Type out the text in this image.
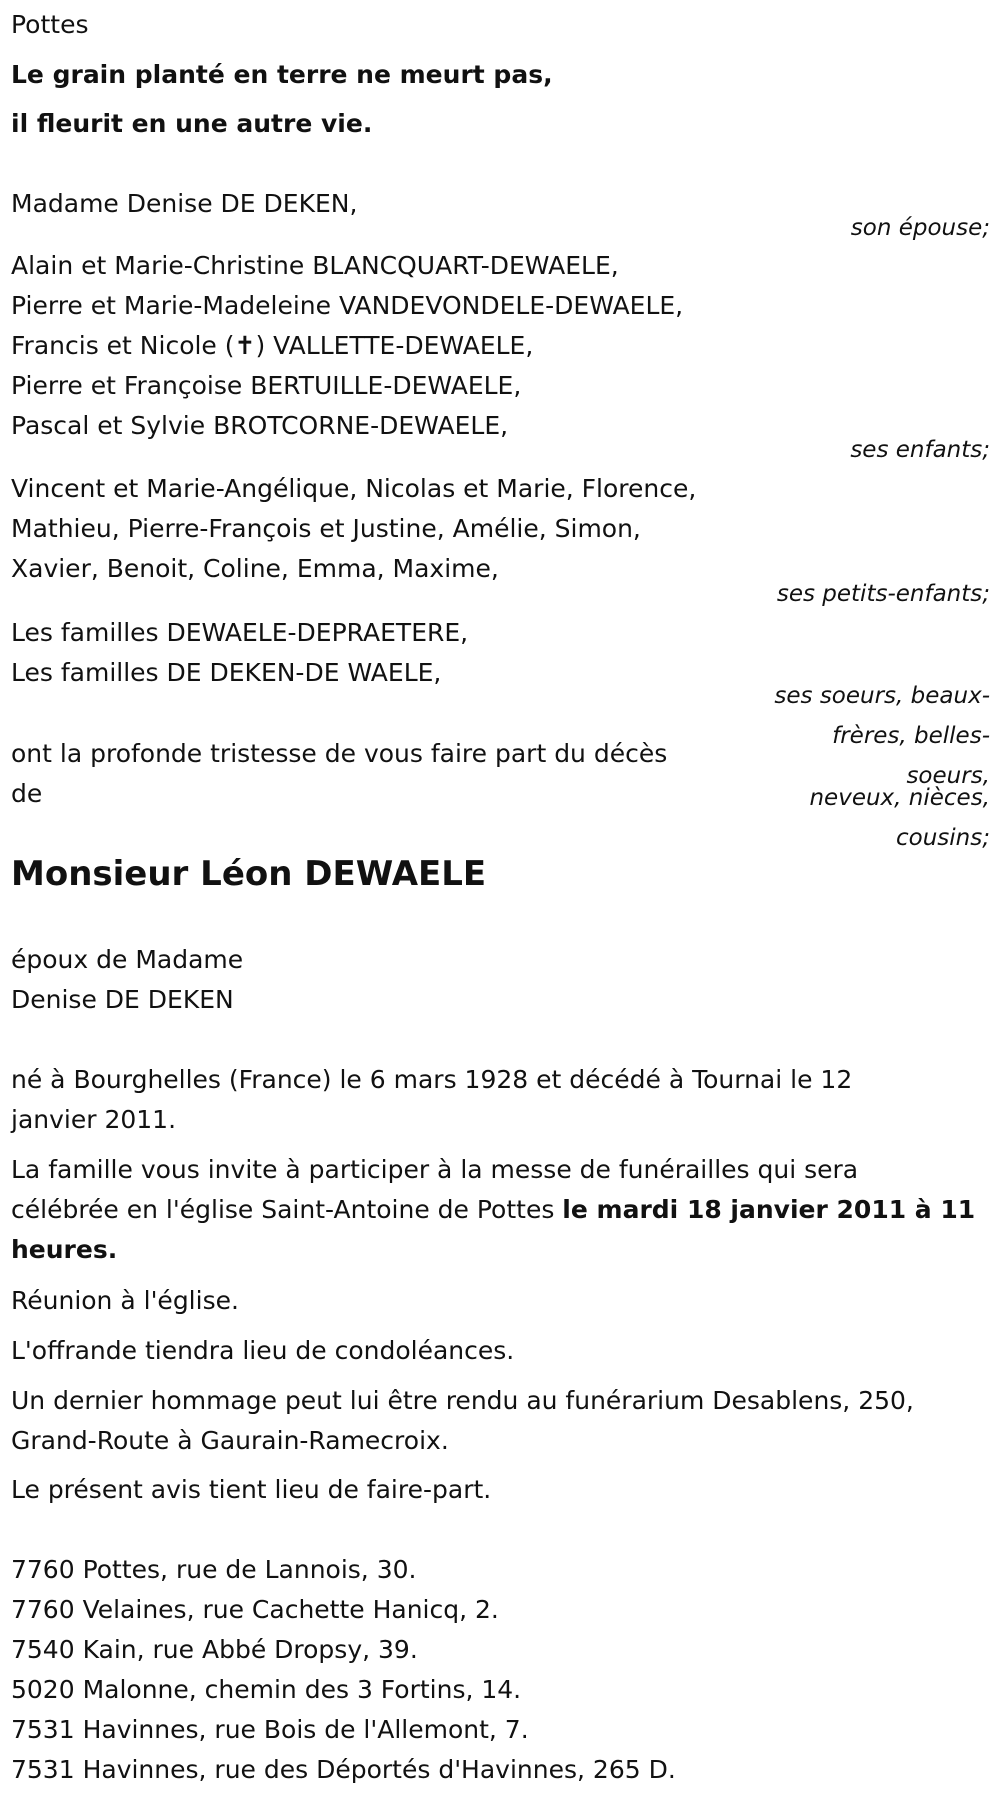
Pottes
Le grain planté en terre ne meurt pas,
il fleurit en une autre vie.
Madame Denise DE DEKEN,
son épouse;
Alain et Marie-Christine BLANCQUART-DEWAELE,
Pierre et Marie-Madeleine VANDEVONDELE-DEWAELE,
Francis et Nicole (✝) VALLETTE-DEWAELE,
Pierre et Françoise BERTUILLE-DEWAELE,
Pascal et Sylvie BROTCORNE-DEWAELE,
ses enfants;
Vincent et Marie-Angélique, Nicolas et Marie, Florence,
Mathieu, Pierre-François et Justine, Amélie, Simon,
Xavier, Benoit, Coline, Emma, Maxime,
ses petits-enfants;
Les familles DEWAELE-DEPRAETERE,
Les familles DE DEKEN-DE WAELE,
ses soeurs, beaux-
frères, belles-
soeurs,
neveux, nièces,
cousins;
ont la profonde tristesse de vous faire part du décès
de
Monsieur Léon DEWAELE
époux de Madame
Denise DE DEKEN
né à Bourghelles (France) le 6 mars 1928 et décédé à Tournai le 12
janvier 2011.
La famille vous invite à participer à la messe de funérailles qui sera
célébrée en l'église Saint-Antoine de Pottes le mardi 18 janvier 2011 à 11
heures.
Réunion à l'église.
L'offrande tiendra lieu de condoléances.
Un dernier hommage peut lui être rendu au funérarium Desablens, 250,
Grand-Route à Gaurain-Ramecroix.
Le présent avis tient lieu de faire-part.
7760 Pottes, rue de Lannois, 30.
7760 Velaines, rue Cachette Hanicq, 2.
7540 Kain, rue Abbé Dropsy, 39.
5020 Malonne, chemin des 3 Fortins, 14.
7531 Havinnes, rue Bois de l'Allemont, 7.
7531 Havinnes, rue des Déportés d'Havinnes, 265 D.
